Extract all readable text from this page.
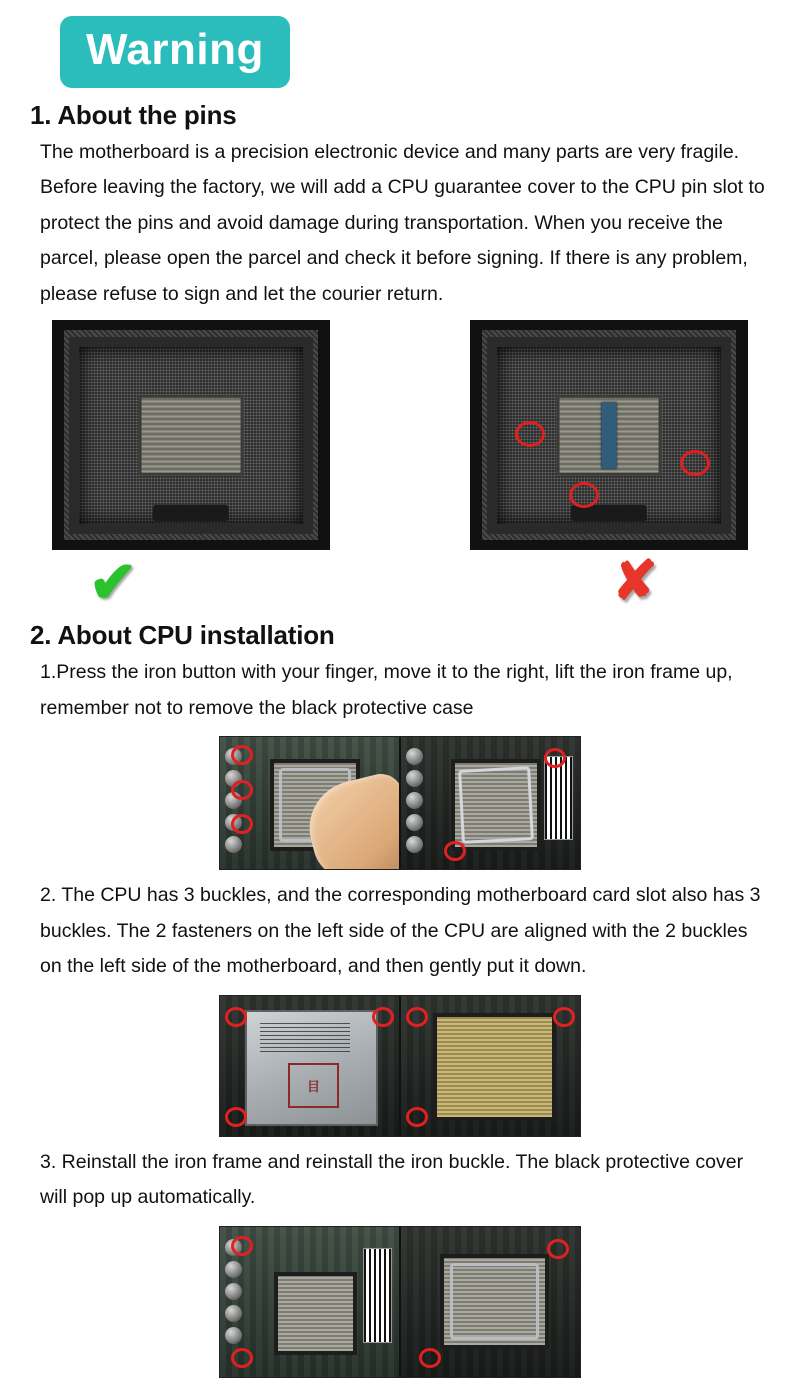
Warning
1. About the pins

The motherboard is a precision electronic device and many parts are very fragile. Before leaving the factory, we will add a CPU guarantee cover to the CPU pin slot to protect the pins and avoid damage during transportation. When you receive the parcel, please open the parcel and check it before signing. If there is any problem, please refuse to sign and let the courier return.

✔	✘
2. About CPU installation

1.Press the iron button with your finger, move it to the right, lift the iron frame up, remember not to remove the black protective case

2. The CPU has 3 buckles, and the corresponding motherboard card slot also has 3 buckles. The 2 fasteners on the left side of the CPU are aligned with the 2 buckles on the left side of the motherboard, and then gently put it down.

目

3. Reinstall the iron frame and reinstall the iron buckle. The black protective cover will pop up automatically.
